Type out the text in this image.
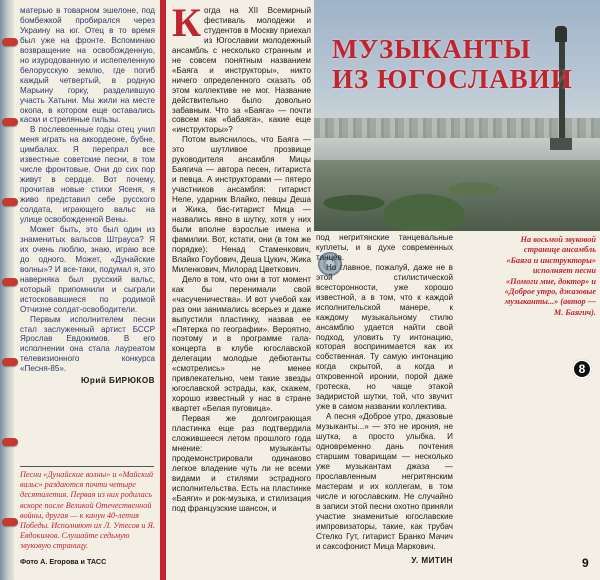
матерью в товарном эшелоне, под бомбежкой пробирался через Украину на юг. Отец в то время был уже на фронте. Вспоминаю возвращение на освобожденную, но изуродованную и испепеленную белорусскую землю, где погиб каждый четвертый, в родную Марьину горку, разделившую участь Хатыни. Мы жили на месте окопа, в котором еще оставались каски и стреляные гильзы.

В послевоенные годы отец учил меня играть на аккордеоне, бубне, цимбалах. Я перепрал все известные советские песни, в том числе фронтовые. Они до сих пор живут в сердце. Вот почему, прочитав новые стихи Ясеня, я живо представил себе русского солдата, играющего вальс на улице освобожденной Вены.

Может быть, это был один из знаменитых вальсов Штрауса? Я их очень люблю, знаю, играю все до одного. Может, «Дунайские волны»? И все-таки, подумал я, это наверняка был русский вальс, который припомнили и сыграли истосковавшиеся по родимой Отчизне солдат-освободители.

Первым исполнителем песни стал заслуженный артист БССР Ярослав Евдокимов. В его исполнении она стала лауреатом телевизионного конкурса «Песня-85».

Юрий БИРЮКОВ
Песни «Дунайские волны» и «Майский вальс» раздаются почти четыре десятилетия. Первая из них родилась вскоре после Великой Отечественной войны, другая — к канун 40-летия Победы. Исполняют их Л. Утесов и Я. Евдокимов. Слушайте седьмую звуковую страницу.
Фото А. Егорова и ТАСС

Когда на XII Всемирный фестиваль молодежи и студентов в Москву приехал из Югославии молодежный ансамбль с несколько странным и не совсем понятным названием «Баяга и инструкторы», никто ничего определенного сказать об этом коллективе не мог. Название действительно было довольно забавным. Что за «Баяга» — почти совсем как «бабаяга», какие еще «инструкторы»?

Потом выяснилось, что Баяга — это шутливое прозвище руководителя ансамбля Мицы Баягича — автора песен, гитариста и певца. А инструкторами — пятеро участников ансамбля: гитарист Неле, ударник Влайко, певцы Деша и Жика, бас-гитарист Мица — назвались явно в шутку, хотя у них были вполне взрослые имена и фамилии. Вот, кстати, они (в том же порядке): Ненад Стаменкович, Влайко Гоубович, Деша Цукич, Жика Миленкович, Милорад Цветкович.

Дело в том, что они в тот момент как бы перенимали свой «часученичества». И вот учебой как раз они занимались всерьез и даже выпустили пластинку, назвав ее «Пятерка по географии». Вероятно, поэтому и в программе гала-концерта в клубе югославской делегации молодые дебютанты «смотрелись» не менее привлекательно, чем такие звезды югославской эстрады, как, скажем, хорошо известный у нас в стране квартет «Белая пуговица».

Первая же долгоиграющая пластинка еще раз подтвердила сложившееся летом прошлого года мнение: музыканты продемонстрировали одинаково легкое владение чуть ли не всеми видами и стилями эстрадного исполнительства. Есть на пластинке «Баяги» и рок-музыка, и стилизация под французские шансон, и

МУЗЫКАНТЫ
ИЗ ЮГОСЛАВИИ

под негритянские танцевальные куплеты, и в духе современных танцев.

Но главное, пожалуй, даже не в этой стилистической всесторонности, уже хорошо известной, а в том, что к каждой исполнительской манере, к каждому музыкальному стилю ансамблю удается найти свой подход, уловить ту интонацию, которая воспринимается как их собственная. Ту самую интонацию когда скрытой, а когда и откровенной иронии, порой даже гротеска, но чаще этакой задиристой шутки, той, что звучит уже в самом названии коллектива.

А песня «Доброе утро, джазовые музыканты...» — это не ирония, не шутка, а просто улыбка. И одновременно дань почтения старшим товарищам — несколько уже музыкантам джаза — прославленным негритянским мастерам и их коллегам, в том числе и югославским. Не случайно в записи этой песни охотно приняли участие знаменитые югославские импровизаторы, такие, как трубач Стелко Гут, гитарист Бранко Мачич и саксофонист Мица Маркович.

У. МИТИН
На восьмой звуковой странице ансамбль «Баяга и инструкторы» исполняет песни «Помоги мне, доктор» и «Доброе утро, джазовые музыканты...» (автор — М. Баягич).
8
9
